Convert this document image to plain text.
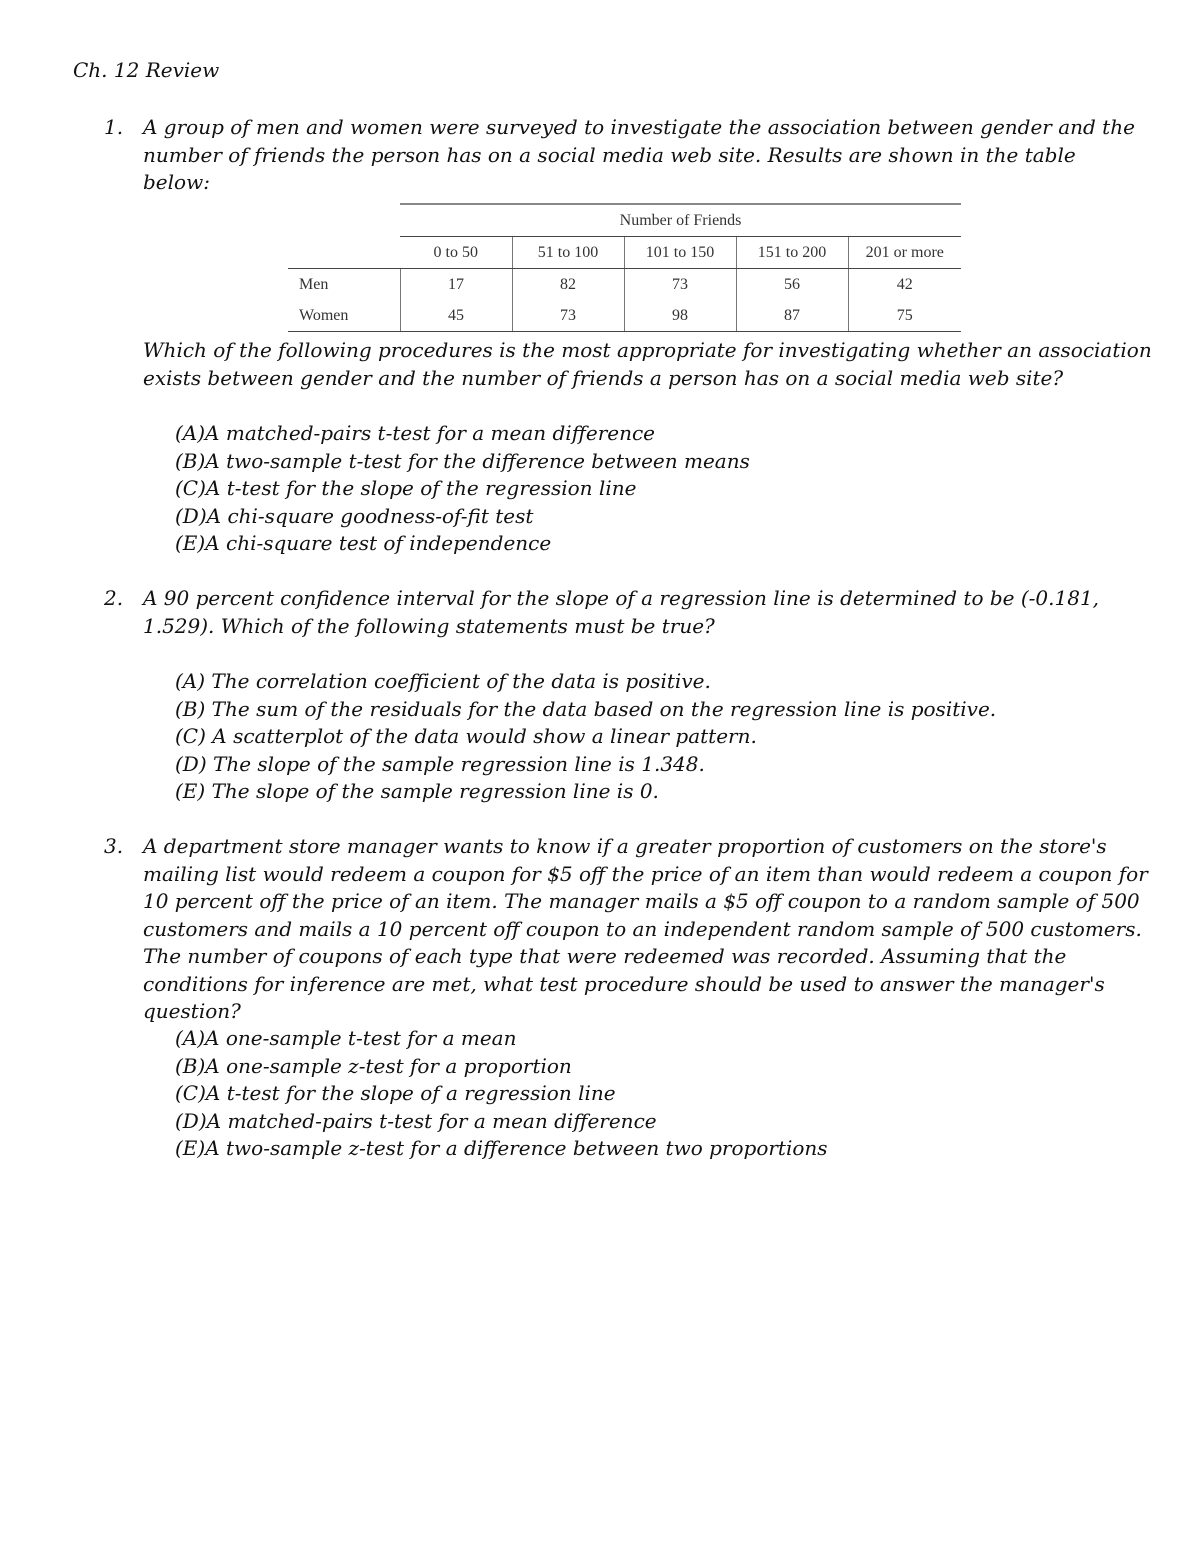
Ch. 12 Review
1. A group of men and women were surveyed to investigate the association between gender and the number of friends the person has on a social media web site. Results are shown in the table below:
	Number of Friends				
	0 to 50	51 to 100	101 to 150	151 to 200	201 or more
Men	17	82	73	56	42
Women	45	73	98	87	75
Which of the following procedures is the most appropriate for investigating whether an association exists between gender and the number of friends a person has on a social media web site?
(A)A matched-pairs t-test for a mean difference
(B)A two-sample t-test for the difference between means
(C)A t-test for the slope of the regression line
(D)A chi-square goodness-of-fit test
(E)A chi-square test of independence
2. A 90 percent confidence interval for the slope of a regression line is determined to be (-0.181, 1.529). Which of the following statements must be true?
(A) The correlation coefficient of the data is positive.
(B) The sum of the residuals for the data based on the regression line is positive.
(C) A scatterplot of the data would show a linear pattern.
(D) The slope of the sample regression line is 1.348.
(E) The slope of the sample regression line is 0.
3. A department store manager wants to know if a greater proportion of customers on the store's mailing list would redeem a coupon for $5 off the price of an item than would redeem a coupon for 10 percent off the price of an item. The manager mails a $5 off coupon to a random sample of 500 customers and mails a 10 percent off coupon to an independent random sample of 500 customers. The number of coupons of each type that were redeemed was recorded. Assuming that the conditions for inference are met, what test procedure should be used to answer the manager's question?
(A)A one-sample t-test for a mean
(B)A one-sample z-test for a proportion
(C)A t-test for the slope of a regression line
(D)A matched-pairs t-test for a mean difference
(E)A two-sample z-test for a difference between two proportions
